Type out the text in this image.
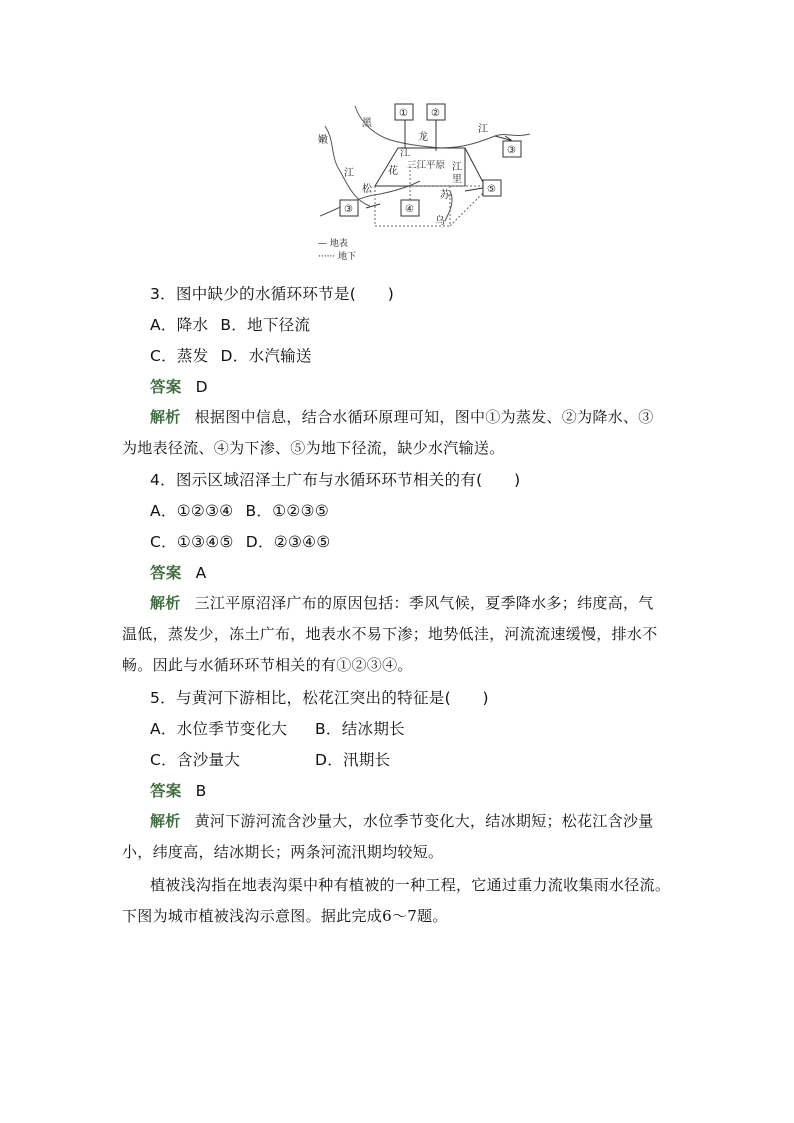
① ②
③
③	④
⑤
嫩
黑
龙
江
江
江
花
松
三江平原 江
里
苏
乌
— 地表
······ 地下
3．图中缺少的水循环环节是(　　)
A．降水 B．地下径流
C．蒸发 D．水汽输送
答案 D
解析 根据图中信息，结合水循环原理可知，图中①为蒸发、②为降水、③
为地表径流、④为下渗、⑤为地下径流，缺少水汽输送。
4．图示区域沼泽土广布与水循环环节相关的有(　　)
A．①②③④ B．①②③⑤
C．①③④⑤ D．②③④⑤
答案 A
解析 三江平原沼泽广布的原因包括：季风气候，夏季降水多；纬度高，气
温低，蒸发少，冻土广布，地表水不易下渗；地势低洼，河流流速缓慢，排水不
畅。因此与水循环环节相关的有①②③④。
5．与黄河下游相比，松花江突出的特征是(　　)
A．水位季节变化大 B．结冰期长
C．含沙量大	D．汛期长
答案 B
解析 黄河下游河流含沙量大，水位季节变化大，结冰期短；松花江含沙量
小，纬度高，结冰期长；两条河流汛期均较短。
植被浅沟指在地表沟渠中种有植被的一种工程，它通过重力流收集雨水径流。
下图为城市植被浅沟示意图。据此完成6～7题。
